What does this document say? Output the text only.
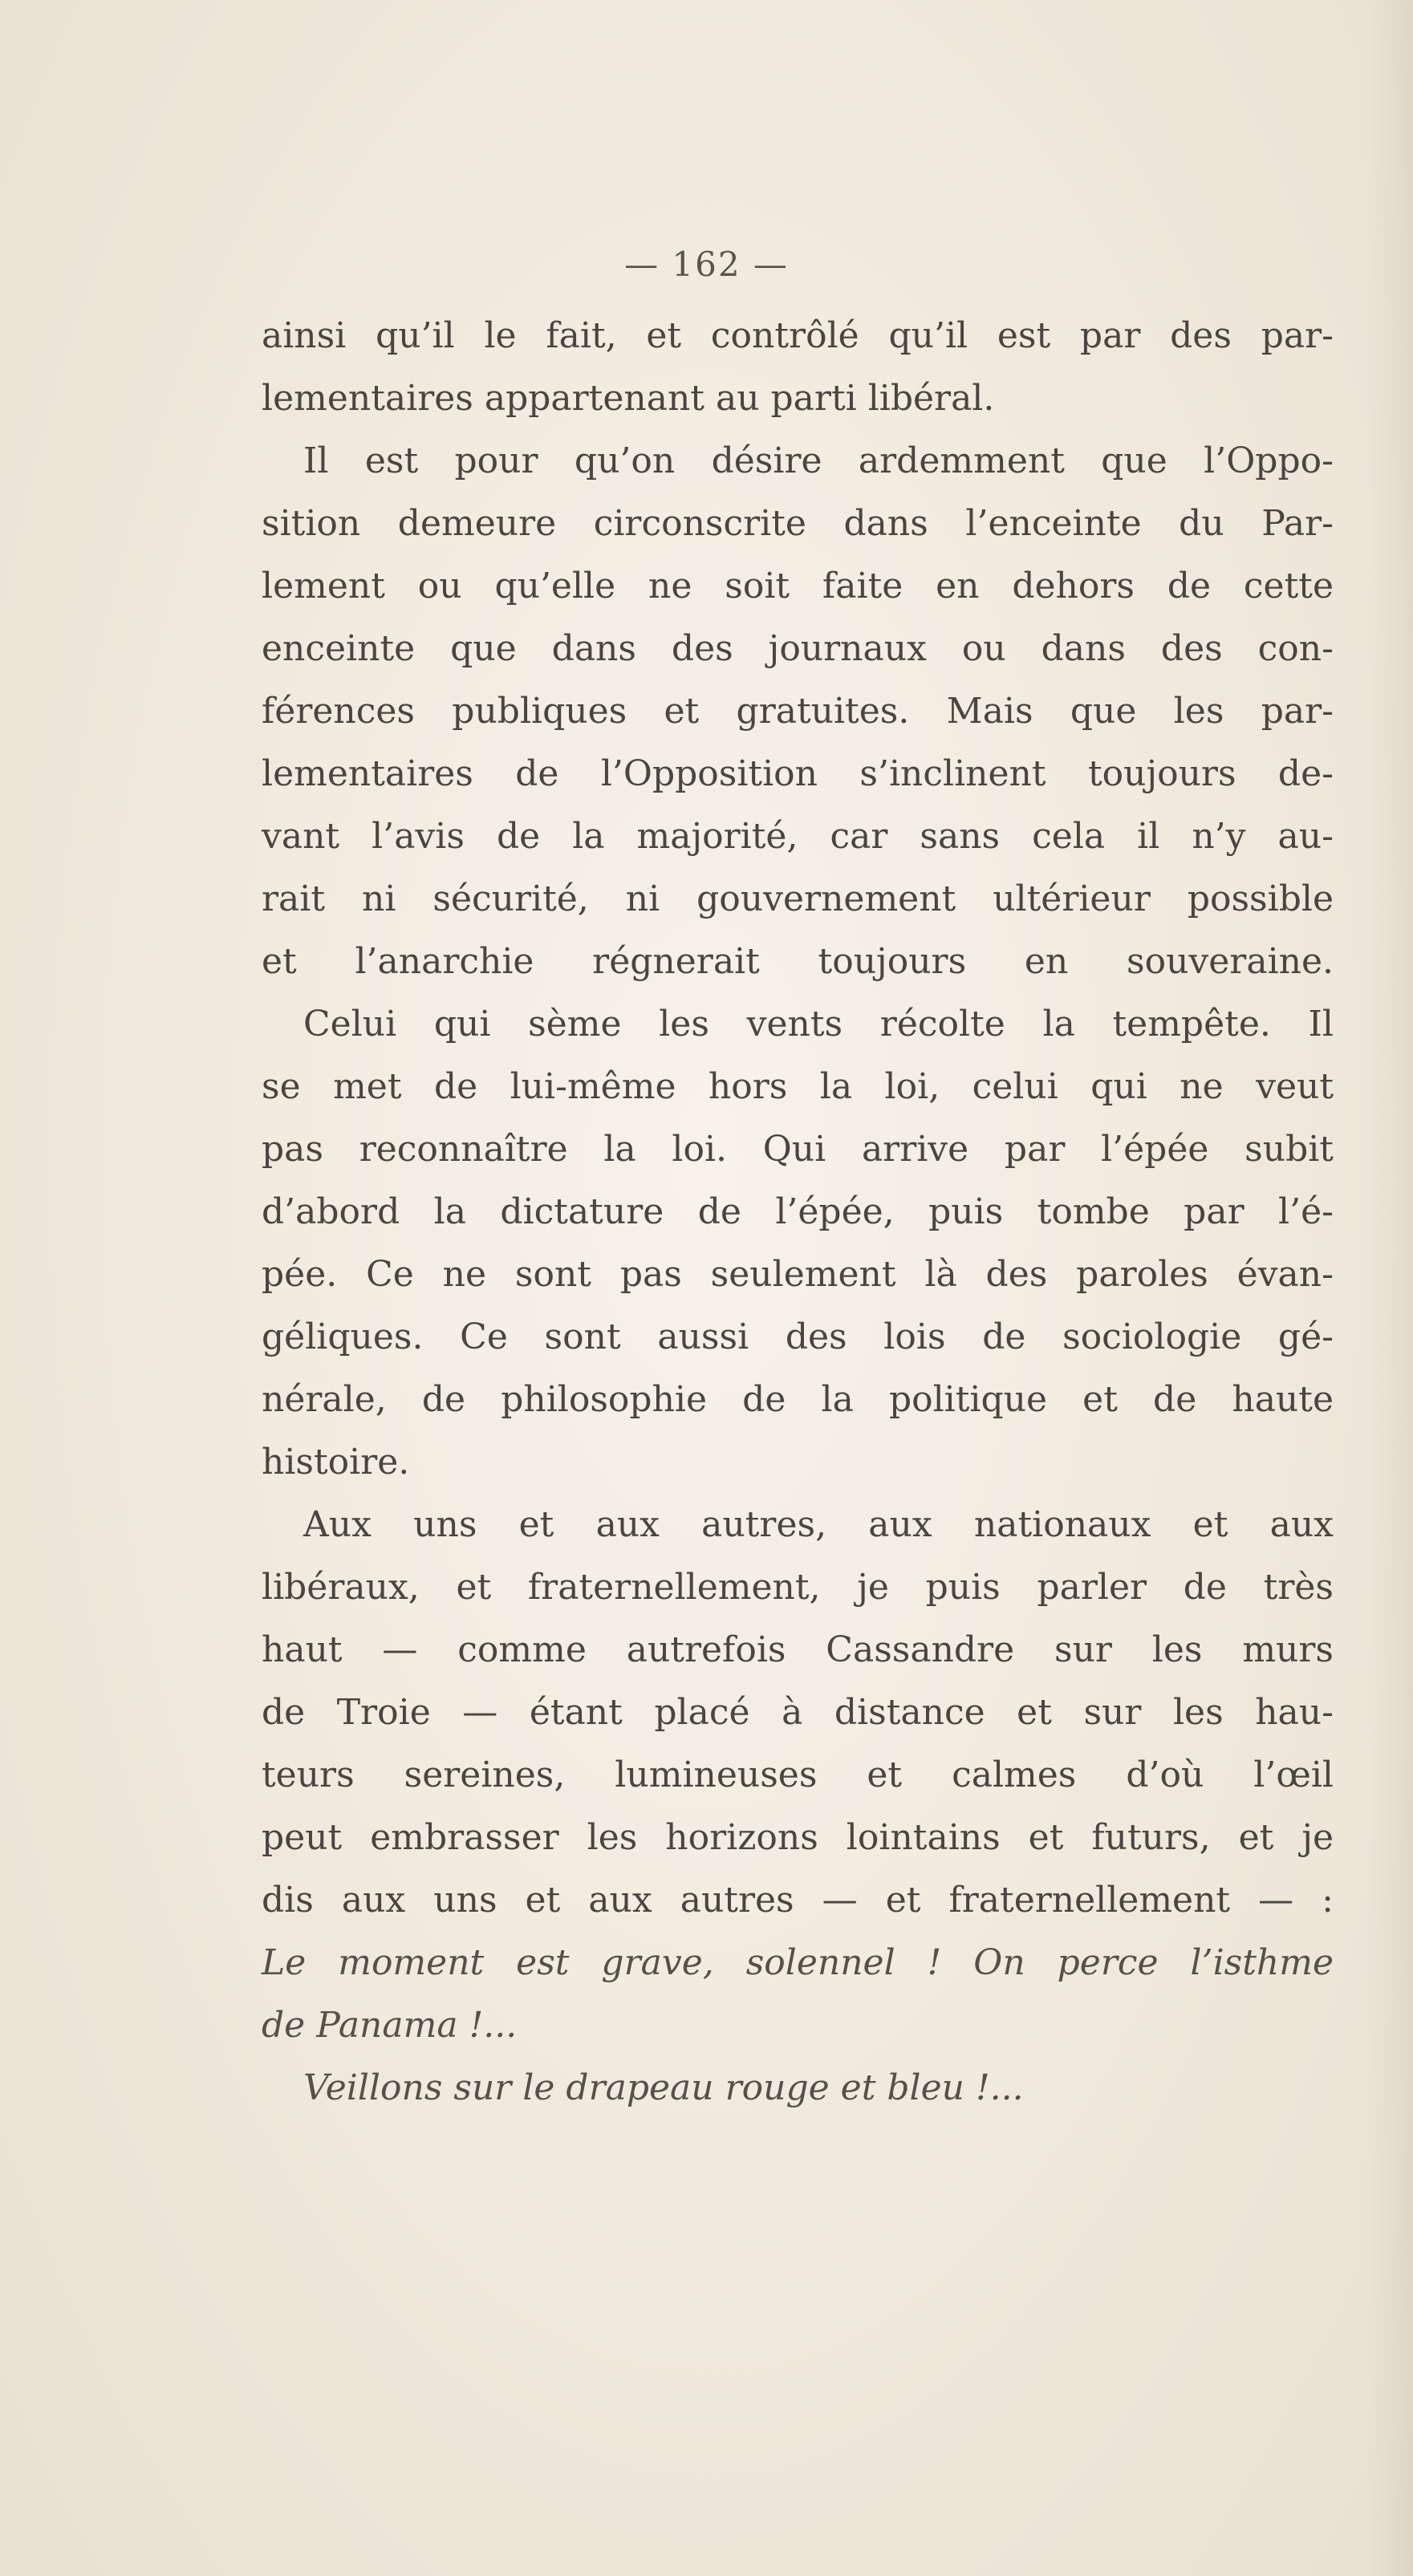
— 162 —
ainsi qu’il le fait, et contrôlé qu’il est par des par-
lementaires appartenant au parti libéral.
Il est pour qu’on désire ardemment que l’Oppo-
sition demeure circonscrite dans l’enceinte du Par-
lement ou qu’elle ne soit faite en dehors de cette
enceinte que dans des journaux ou dans des con-
férences publiques et gratuites. Mais que les par-
lementaires de l’Opposition s’inclinent toujours de-
vant l’avis de la majorité, car sans cela il n’y au-
rait ni sécurité, ni gouvernement ultérieur possible
et l’anarchie régnerait toujours en souveraine.
Celui qui sème les vents récolte la tempête. Il
se met de lui-même hors la loi, celui qui ne veut
pas reconnaître la loi. Qui arrive par l’épée subit
d’abord la dictature de l’épée, puis tombe par l’é-
pée. Ce ne sont pas seulement là des paroles évan-
géliques. Ce sont aussi des lois de sociologie gé-
nérale, de philosophie de la politique et de haute
histoire.
Aux uns et aux autres, aux nationaux et aux
libéraux, et fraternellement, je puis parler de très
haut — comme autrefois Cassandre sur les murs
de Troie — étant placé à distance et sur les hau-
teurs sereines, lumineuses et calmes d’où l’œil
peut embrasser les horizons lointains et futurs, et je
dis aux uns et aux autres — et fraternellement — :
Le moment est grave, solennel ! On perce l’isthme
de Panama !...
Veillons sur le drapeau rouge et bleu !...
